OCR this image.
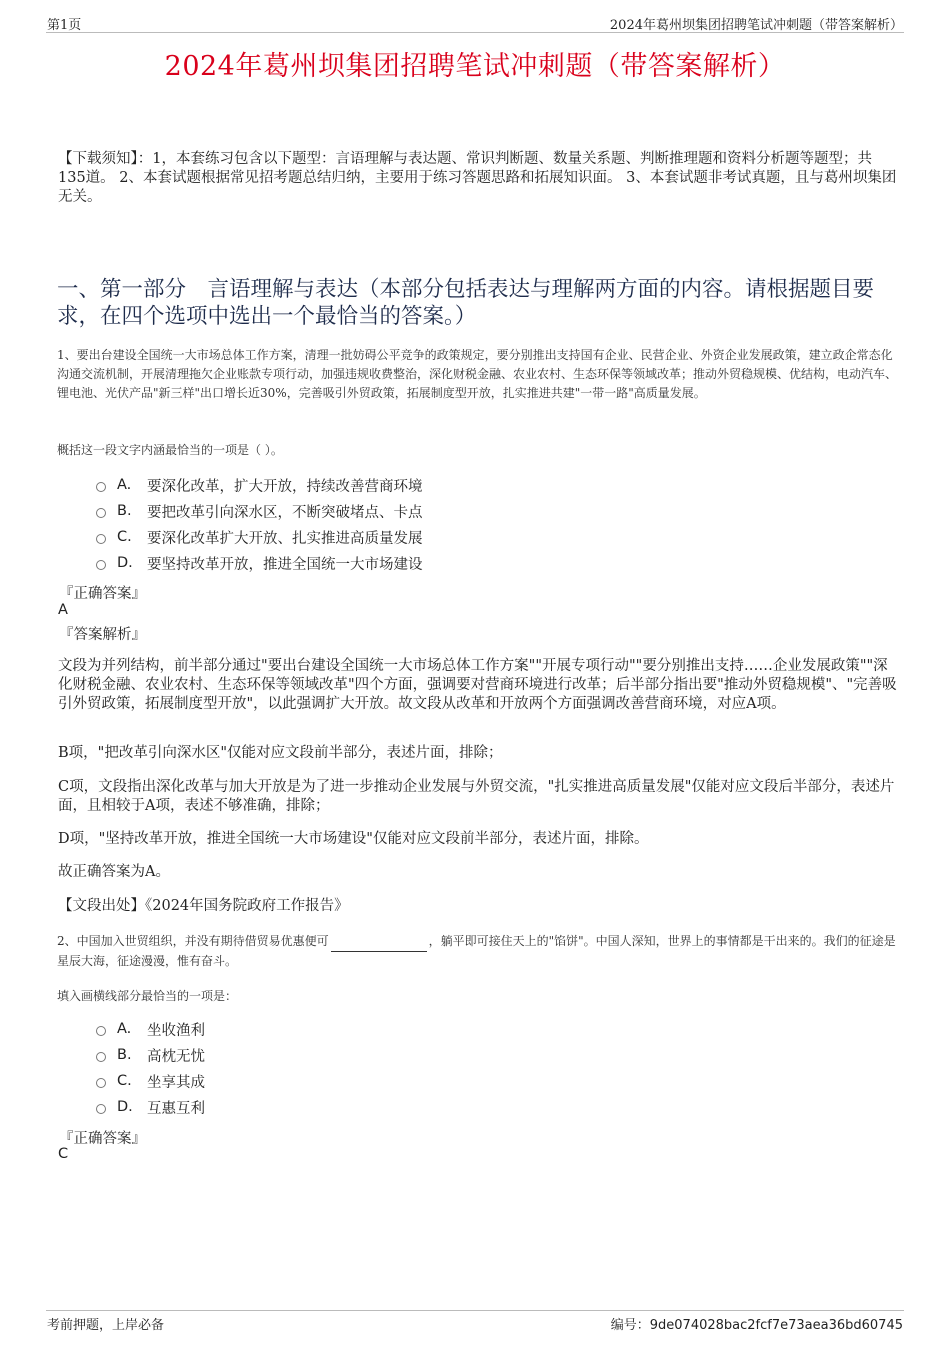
第1页	2024年葛州坝集团招聘笔试冲刺题（带答案解析）
2024年葛州坝集团招聘笔试冲刺题（带答案解析）
【下载须知】：1，本套练习包含以下题型：言语理解与表达题、常识判断题、数量关系题、判断推理题和资料分析题等题型；共135道。 2、本套试题根据常见招考题总结归纳，主要用于练习答题思路和拓展知识面。 3、本套试题非考试真题，且与葛州坝集团无关。
一、第一部分　言语理解与表达（本部分包括表达与理解两方面的内容。请根据题目要求，在四个选项中选出一个最恰当的答案。）
1、要出台建设全国统一大市场总体工作方案，清理一批妨碍公平竞争的政策规定，要分别推出支持国有企业、民营企业、外资企业发展政策，建立政企常态化沟通交流机制，开展清理拖欠企业账款专项行动，加强违规收费整治，深化财税金融、农业农村、生态环保等领域改革；推动外贸稳规模、优结构，电动汽车、锂电池、光伏产品"新三样"出口增长近30%，完善吸引外贸政策，拓展制度型开放，扎实推进共建"一带一路"高质量发展。
概括这一段文字内涵最恰当的一项是（ ）。
A.	要深化改革，扩大开放，持续改善营商环境
B.	要把改革引向深水区，不断突破堵点、卡点
C.	要深化改革扩大开放、扎实推进高质量发展
D. 要坚持改革开放，推进全国统一大市场建设
『正确答案』
A
『答案解析』
文段为并列结构，前半部分通过"要出台建设全国统一大市场总体工作方案""开展专项行动""要分别推出支持……企业发展政策""深化财税金融、农业农村、生态环保等领域改革"四个方面，强调要对营商环境进行改革；后半部分指出要"推动外贸稳规模"、"完善吸引外贸政策，拓展制度型开放"，以此强调扩大开放。故文段从改革和开放两个方面强调改善营商环境，对应A项。
B项，"把改革引向深水区"仅能对应文段前半部分，表述片面，排除；
C项，文段指出深化改革与加大开放是为了进一步推动企业发展与外贸交流，"扎实推进高质量发展"仅能对应文段后半部分，表述片面，且相较于A项，表述不够准确，排除；
D项，"坚持改革开放，推进全国统一大市场建设"仅能对应文段前半部分，表述片面，排除。
故正确答案为A。
【文段出处】《2024年国务院政府工作报告》
2、中国加入世贸组织，并没有期待借贸易优惠便可	，躺平即可接住天上的"馅饼"。中国人深知，世界上的事情都是干出来的。我们的征途是星辰大海，征途漫漫，惟有奋斗。
填入画横线部分最恰当的一项是：
A.	坐收渔利
B.	高枕无忧
C.	坐享其成
D. 互惠互利
『正确答案』
C
考前押题，上岸必备	编号：9de074028bac2fcf7e73aea36bd60745
